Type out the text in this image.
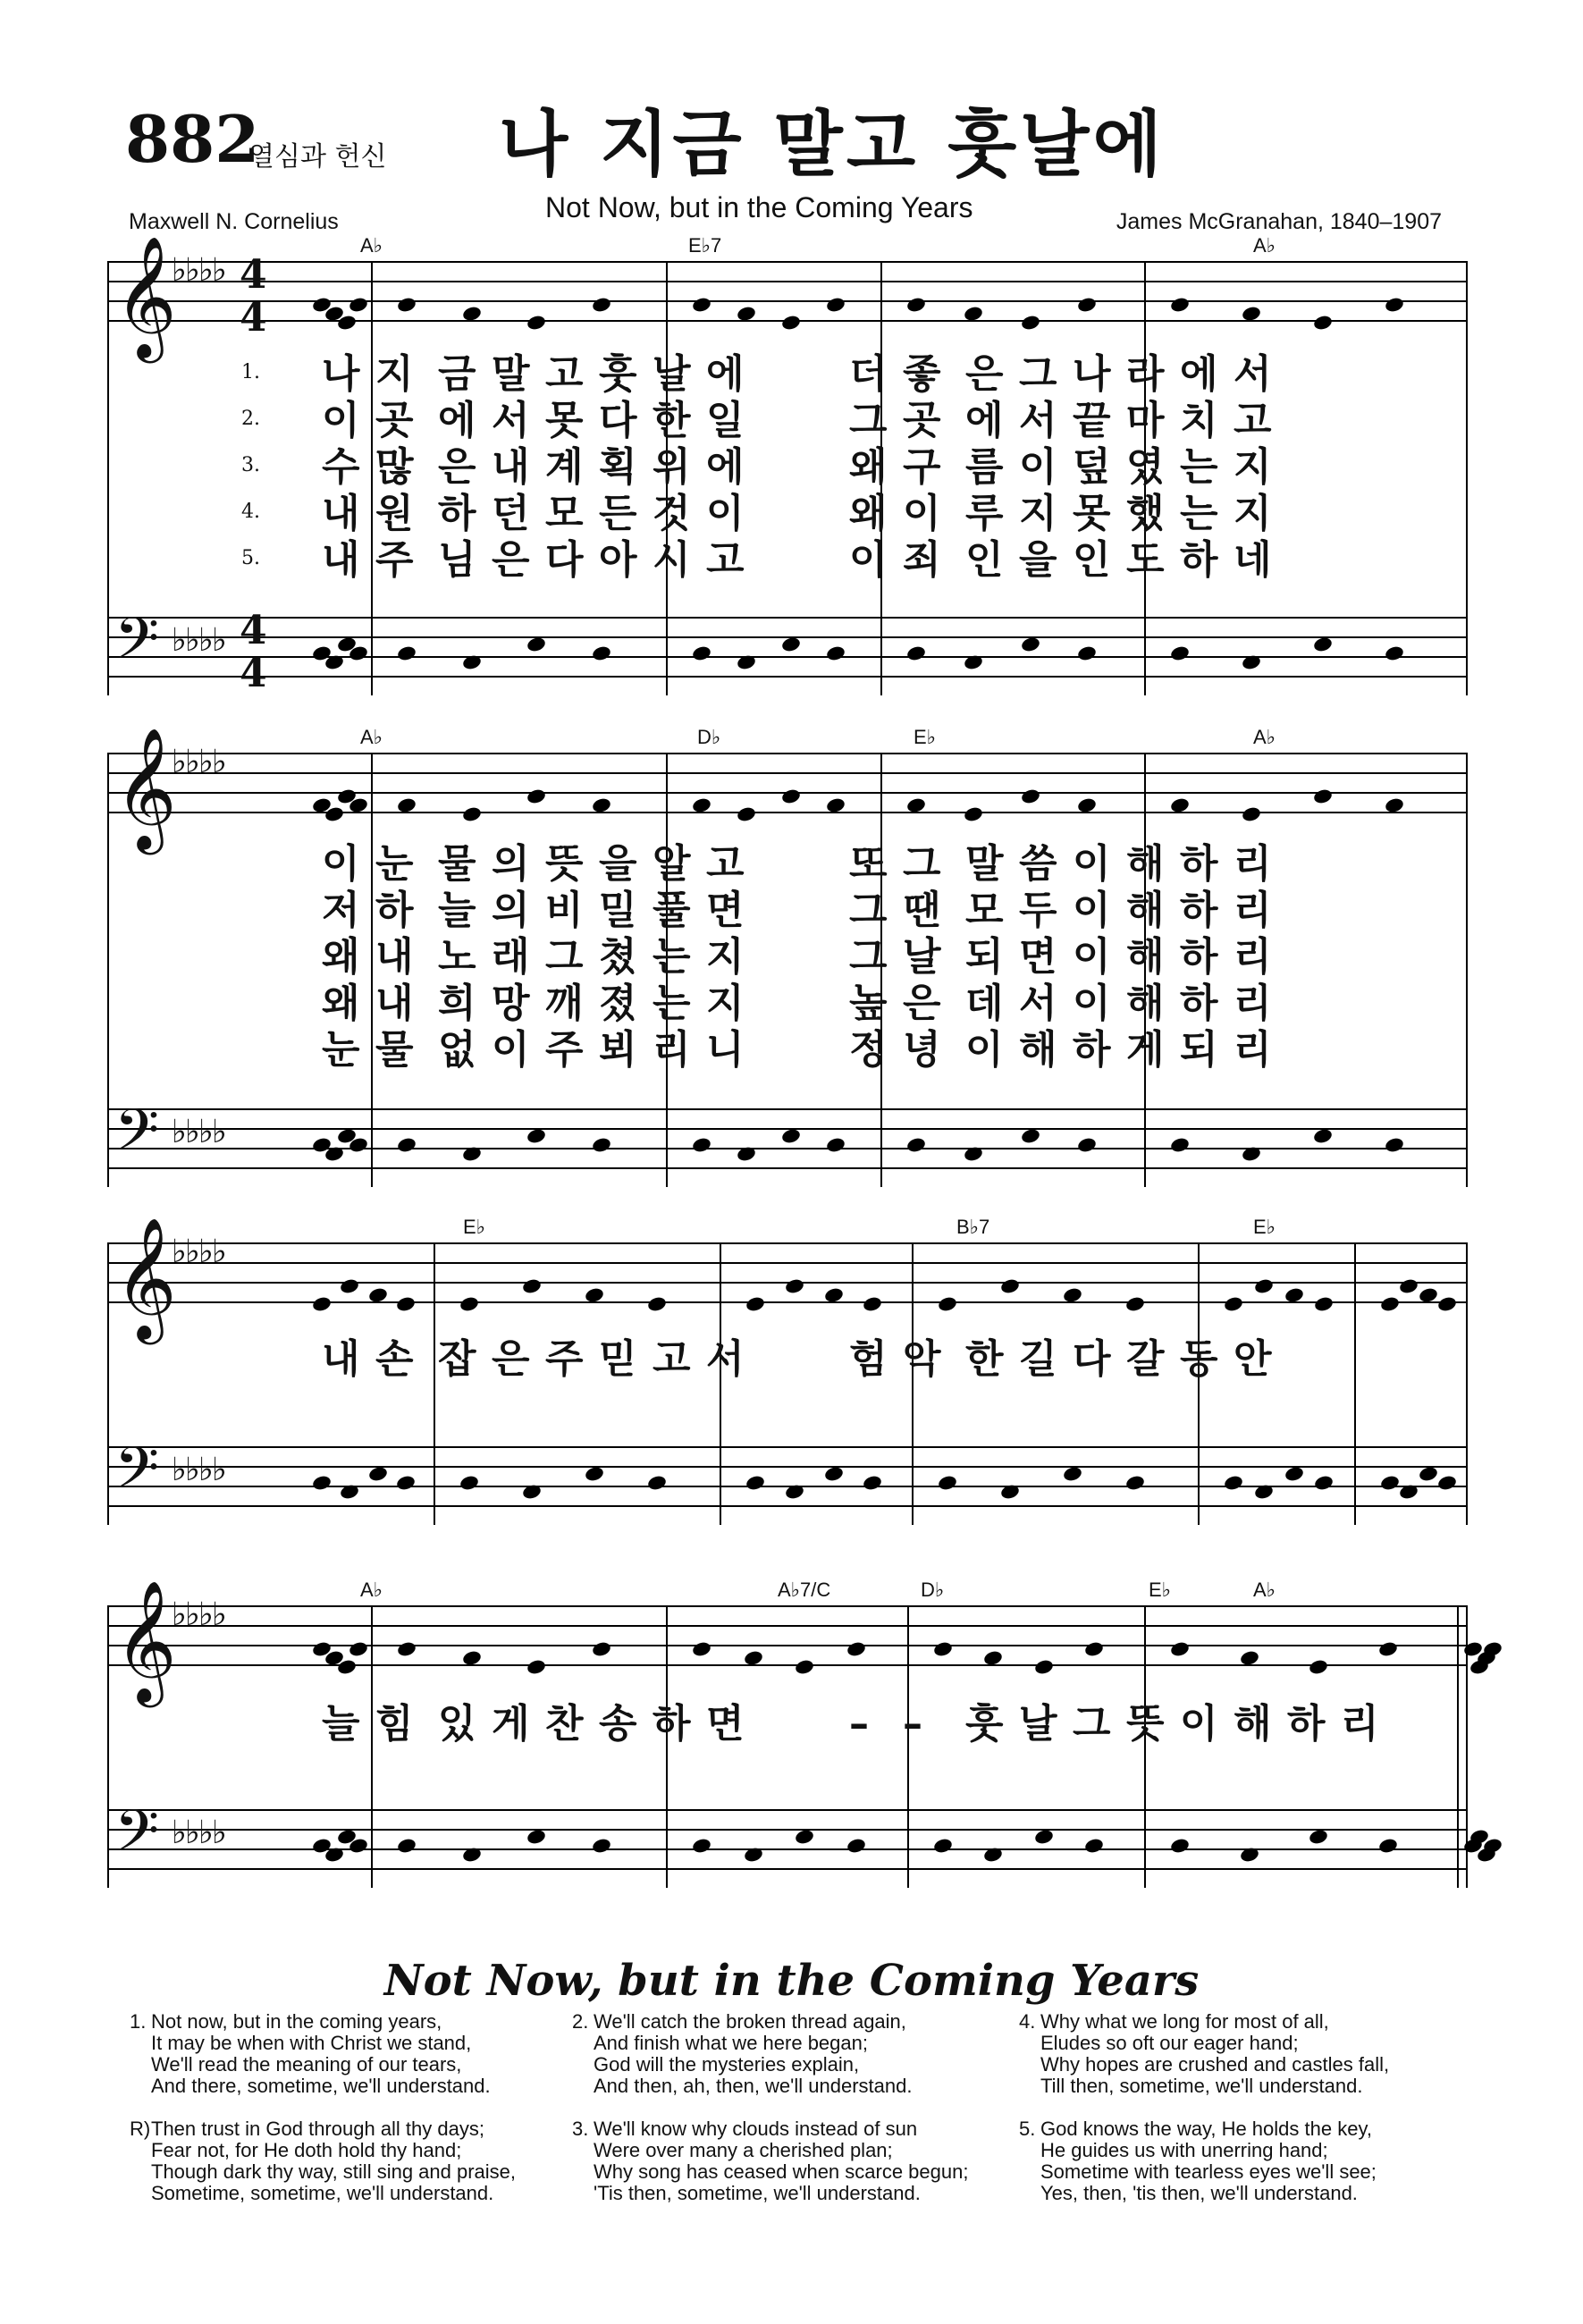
882
열심과 헌신 나 지금 말고 훗날에
Not Now, but in the Coming Years
Maxwell N. Cornelius	James McGranahan, 1840–1907
𝄞
♭♭♭♭ 4
4
𝄢 ♭♭♭♭ 4
4
A♭	E♭7	A♭
1. 나 지 금 말 고 훗 날 에	더 좋 은 그 나 라 에 서
2. 이 곳 에 서 못 다 한 일	그 곳 에 서 끝 마 치 고
3. 수 많 은 내 계 획 위 에	왜 구 름 이 덮 였 는 지
4. 내 원 하 던 모 든 것 이	왜 이 루 지 못 했 는 지
5. 내 주 님 은 다 아 시 고	이 죄 인 을 인 도 하 네
𝄞
♭♭♭♭
𝄢 ♭♭♭♭
A♭	D♭	E♭	A♭
이 눈 물 의 뜻 을 알 고	또 그 말 씀 이 해 하 리
저 하 늘 의 비 밀 풀 면	그 땐 모 두 이 해 하 리
왜 내 노 래 그 쳤 는 지	그 날 되 면 이 해 하 리
왜 내 희 망 깨 졌 는 지	높 은 데 서 이 해 하 리
눈 물 없 이 주 뵈 리 니	정 녕 이 해 하 게 되 리
𝄞
♭♭♭♭
𝄢 ♭♭♭♭
E♭	B♭7	E♭
내 손 잡 은 주 믿 고 서	험 악 한 길 다 갈 동 안
𝄞
♭♭♭♭
𝄢 ♭♭♭♭
A♭	A♭7/C	D♭	E♭	A♭
늘 힘 있 게 찬 송 하 면	– – 훗 날 그 뜻 이 해 하 리
Not Now, but in the Coming Years
1. Not now, but in the coming years,
It may be when with Christ we stand,
We'll read the meaning of our tears,
And there, sometime, we'll understand.
R)Then trust in God through all thy days;
Fear not, for He doth hold thy hand;
Though dark thy way, still sing and praise,
Sometime, sometime, we'll understand.
2. We'll catch the broken thread again,
And finish what we here began;
God will the mysteries explain,
And then, ah, then, we'll understand.
3. We'll know why clouds instead of sun
Were over many a cherished plan;
Why song has ceased when scarce begun;
'Tis then, sometime, we'll understand.
4. Why what we long for most of all,
Eludes so oft our eager hand;
Why hopes are crushed and castles fall,
Till then, sometime, we'll understand.
5. God knows the way, He holds the key,
He guides us with unerring hand;
Sometime with tearless eyes we'll see;
Yes, then, 'tis then, we'll understand.
